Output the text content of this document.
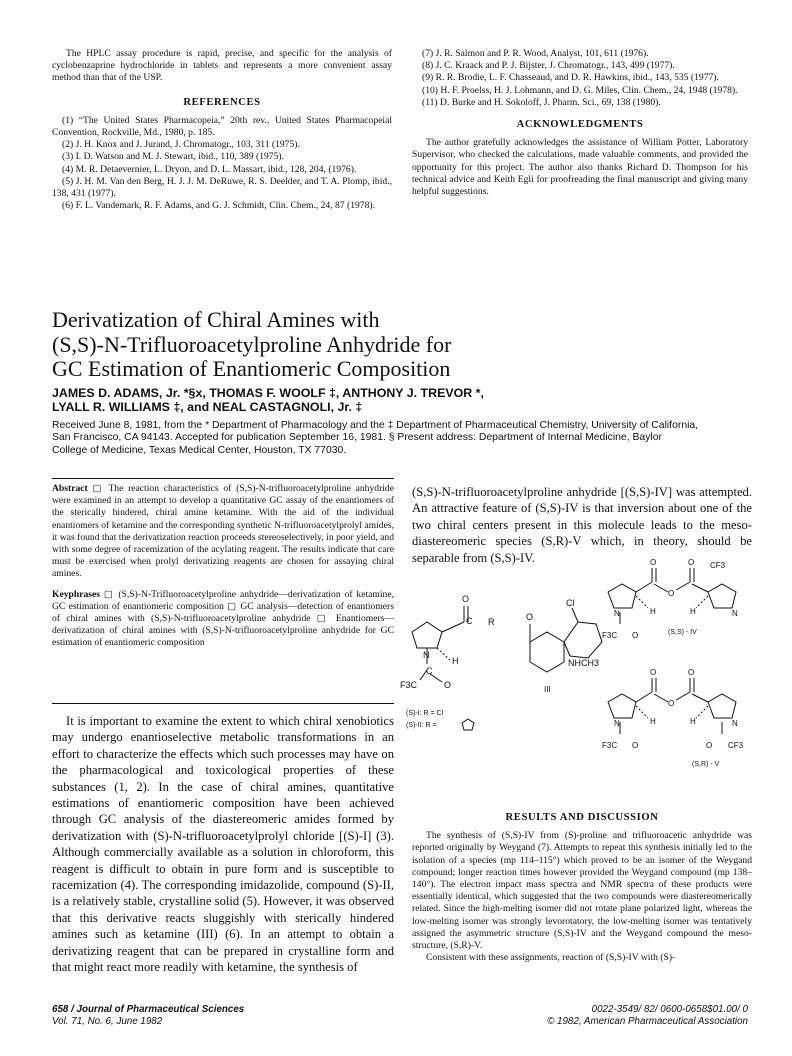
The HPLC assay procedure is rapid, precise, and specific for the analysis of cyclobenzaprine hydrochloride in tablets and represents a more convenient assay method than that of the USP.

REFERENCES

(1) “The United States Pharmacopeia,” 20th rev., United States Pharmacopeial Convention, Rockville, Md., 1980, p. 185.

(2) J. H. Knox and J. Jurand, J. Chromatogr., 103, 311 (1975).

(3) I. D. Watson and M. J. Stewart, ibid., 110, 389 (1975).

(4) M. R. Detaevernier, L. Dryon, and D. L. Massart, ibid., 128, 204, (1976).

(5) J. H. M. Van den Berg, H. J. J. M. DeRuwe, R. S. Deelder, and T. A. Plomp, ibid., 138, 431 (1977).

(6) F. L. Vandemark, R. F. Adams, and G. J. Schmidt, Clin. Chem., 24, 87 (1978).

(7) J. R. Salmon and P. R. Wood, Analyst, 101, 611 (1976).

(8) J. C. Kraack and P. J. Bijster, J. Chromatogr., 143, 499 (1977).

(9) R. R. Brodie, L. F. Chasseaud, and D. R. Hawkins, ibid., 143, 535 (1977).

(10) H. F. Proelss, H. J. Lohmann, and D. G. Miles, Clin. Chem., 24, 1948 (1978).

(11) D. Burke and H. Sokoloff, J. Pharm. Sci., 69, 138 (1980).

ACKNOWLEDGMENTS

The author gratefully acknowledges the assistance of William Potter, Laboratory Supervisor, who checked the calculations, made valuable comments, and provided the opportunity for this project. The author also thanks Richard D. Thompson for his technical advice and Keith Egli for proofreading the final manuscript and giving many helpful suggestions.

Derivatization of Chiral Amines with
(S,S)-N-Trifluoroacetylproline Anhydride for
GC Estimation of Enantiomeric Composition
JAMES D. ADAMS, Jr. *§x, THOMAS F. WOOLF ‡, ANTHONY J. TREVOR *,
LYALL R. WILLIAMS ‡, and NEAL CASTAGNOLI, Jr. ‡
Received June 8, 1981, from the * Department of Pharmacology and the ‡ Department of Pharmaceutical Chemistry, University of California,
San Francisco, CA 94143. Accepted for publication September 16, 1981. § Present address: Department of Internal Medicine, Baylor
College of Medicine, Texas Medical Center, Houston, TX 77030.

Abstract ▢ The reaction characteristics of (S,S)-N-trifluoroacetylproline anhydride were examined in an attempt to develop a quantitative GC assay of the enantiomers of the sterically hindered, chiral amine ketamine. With the aid of the individual enantiomers of ketamine and the corresponding synthetic N-trifluoroacetylprolyl amides, it was found that the derivatization reaction proceeds stereoselectively, in poor yield, and with some degree of racemization of the acylating reagent. The results indicate that care must be exercised when prolyl derivatizing reagents are chosen for assaying chiral amines.

Keyphrases ▢ (S,S)-N-Trifluoroacetylproline anhydride—derivatization of ketamine, GC estimation of enantiomeric composition ▢ GC analysis—detection of enantiomers of chiral amines with (S,S)-N-trifluoroacetylproline anhydride ▢ Enantiomers—derivatization of chiral amines with (S,S)-N-trifluoroacetylproline anhydride for GC estimation of enantiomeric composition

It is important to examine the extent to which chiral xenobiotics may undergo enantioselective metabolic transformations in an effort to characterize the effects which such processes may have on the pharmacological and toxicological properties of these substances (1, 2). In the case of chiral amines, quantitative estimations of enantiomeric composition have been achieved through GC analysis of the diastereomeric amides formed by derivatization with (S)-N-trifluoroacetylprolyl chloride [(S)-I] (3). Although commercially available as a solution in chloroform, this reagent is difficult to obtain in pure form and is susceptible to racemization (4). The corresponding imidazolide, compound (S)-II, is a relatively stable, crystalline solid (5). However, it was observed that this derivative reacts sluggishly with sterically hindered amines such as ketamine (III) (6). In an attempt to obtain a derivatizing reagent that can be prepared in crystalline form and that might react more readily with ketamine, the synthesis of

(S,S)-N-trifluoroacetylproline anhydride [(S,S)-IV] was attempted. An attractive feature of (S,S)-IV is that inversion about one of the two chiral centers present in this molecule leads to the meso-diastereomeric species (S,R)-V which, in theory, should be separable from (S,S)-IV.

O
C R
N
H
C
F3C	O
(S)-I: R = Cl
(S)-II: R =
O
Cl
NHCH3
III
O	O CF3
O
N	N
H	H
F3C O	(S,S) - IV
O	O
O
N	N
H	H
F3C O	O CF3
(S,R) - V
RESULTS AND DISCUSSION

The synthesis of (S,S)-IV from (S)-proline and trifluoroacetic anhydride was reported originally by Weygand (7). Attempts to repeat this synthesis initially led to the isolation of a species (mp 114–115°) which proved to be an isomer of the Weygand compound; longer reaction times however provided the Weygand compound (mp 138–140°). The electron impact mass spectra and NMR spectra of these products were essentially identical, which suggested that the two compounds were diastereomerically related. Since the high-melting isomer did not rotate plane polarized light, whereas the low-melting isomer was strongly levorotatory, the low-melting isomer was tentatively assigned the asymmetric structure (S,S)-IV and the Weygand compound the meso-structure, (S,R)-V.

Consistent with these assignments, reaction of (S,S)-IV with (S)-

658 / Journal of Pharmaceutical Sciences
Vol. 71, No. 6, June 1982
0022-3549/ 82/ 0600-0658$01.00/ 0
© 1982, American Pharmaceutical Association
